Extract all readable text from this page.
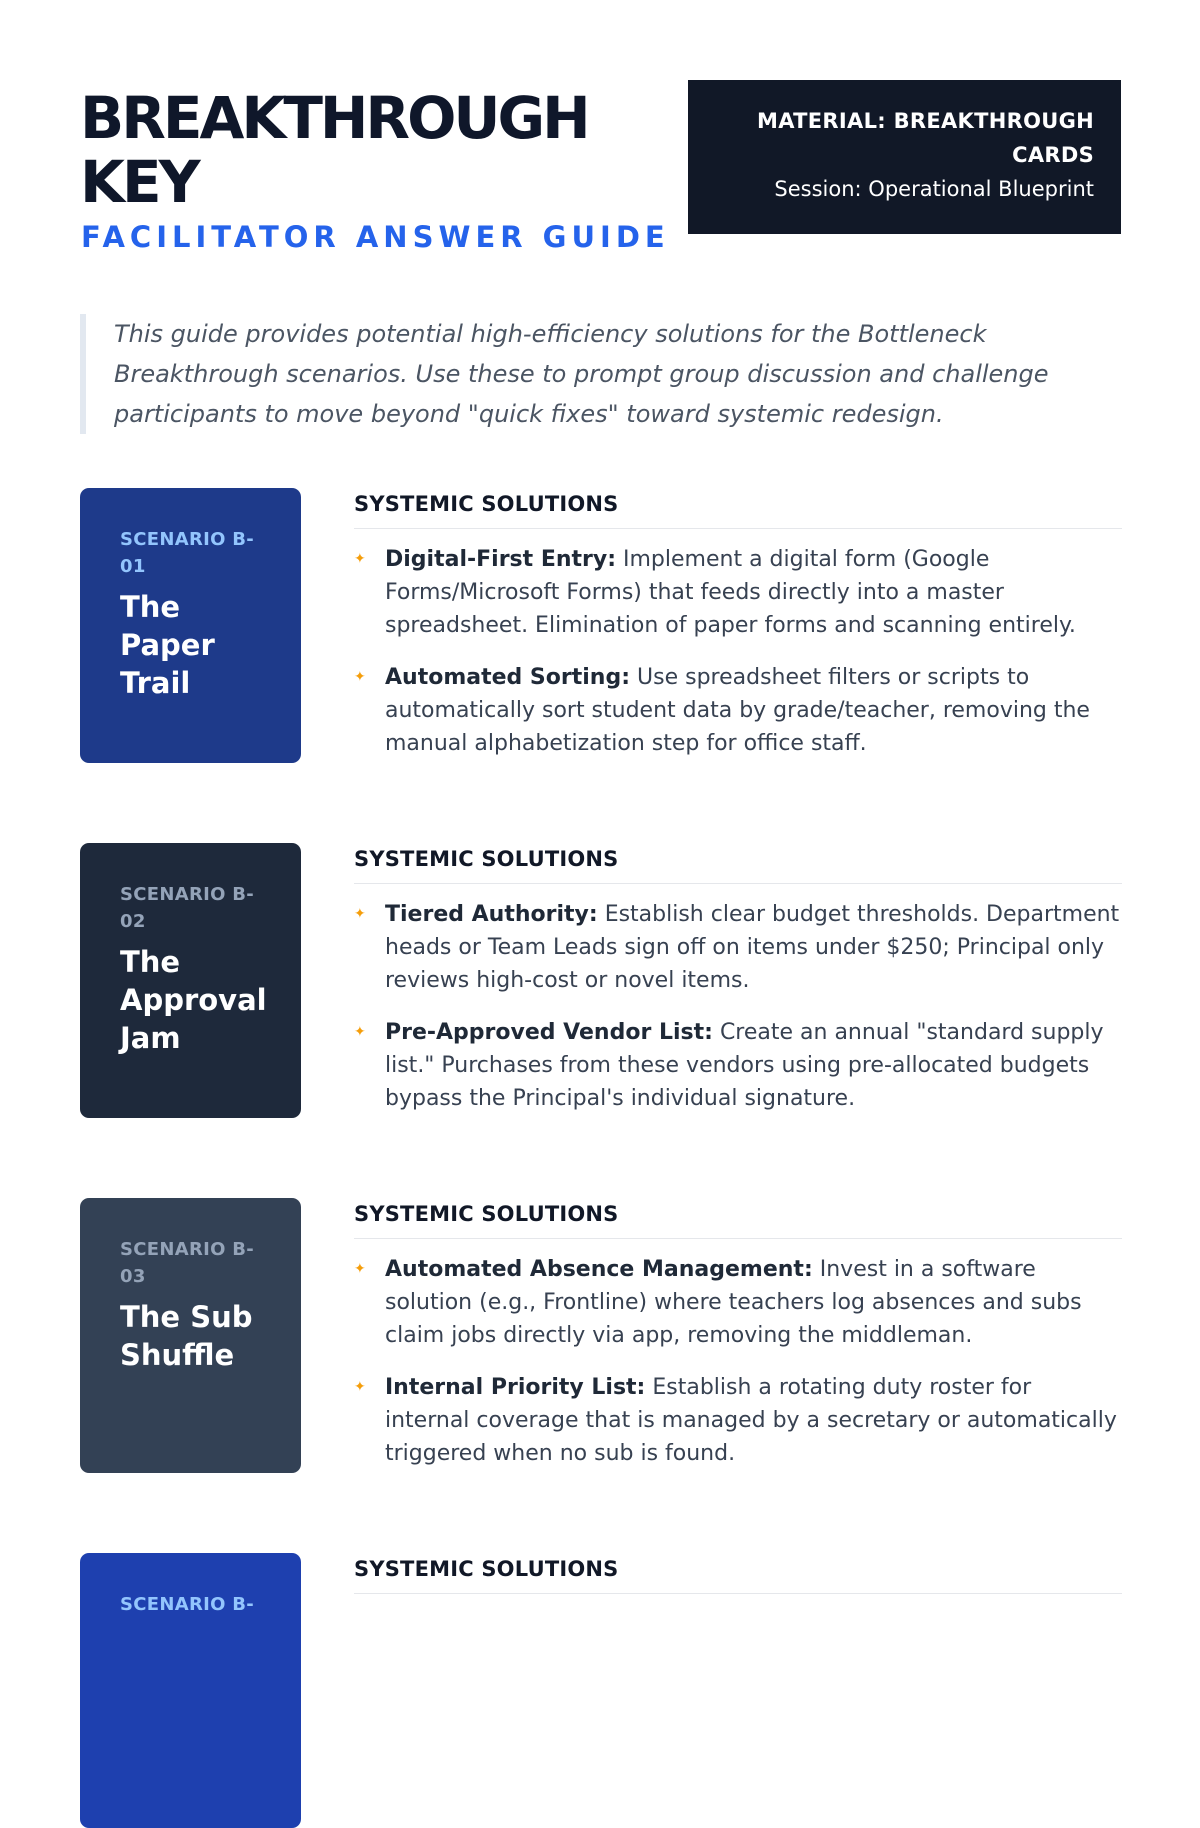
BREAKTHROUGH
KEY
FACILITATOR ANSWER GUIDE
MATERIAL: BREAKTHROUGH CARDS
Session: Operational Blueprint
This guide provides potential high-efficiency solutions for the Bottleneck Breakthrough scenarios. Use these to prompt group discussion and challenge participants to move beyond "quick fixes" toward systemic redesign.
SCENARIO B-01
The Paper Trail
SYSTEMIC SOLUTIONS
✦ Digital-First Entry: Implement a digital form (Google Forms/Microsoft Forms) that feeds directly into a master spreadsheet. Elimination of paper forms and scanning entirely.
✦ Automated Sorting: Use spreadsheet filters or scripts to automatically sort student data by grade/teacher, removing the manual alphabetization step for office staff.
SCENARIO B-02
The Approval Jam
SYSTEMIC SOLUTIONS
✦ Tiered Authority: Establish clear budget thresholds. Department heads or Team Leads sign off on items under $250; Principal only reviews high-cost or novel items.
✦ Pre-Approved Vendor List: Create an annual "standard supply list." Purchases from these vendors using pre-allocated budgets bypass the Principal's individual signature.
SCENARIO B-03
The Sub Shuffle
SYSTEMIC SOLUTIONS
✦ Automated Absence Management: Invest in a software solution (e.g., Frontline) where teachers log absences and subs claim jobs directly via app, removing the middleman.
✦ Internal Priority List: Establish a rotating duty roster for internal coverage that is managed by a secretary or automatically triggered when no sub is found.
SCENARIO B-
SYSTEMIC SOLUTIONS
